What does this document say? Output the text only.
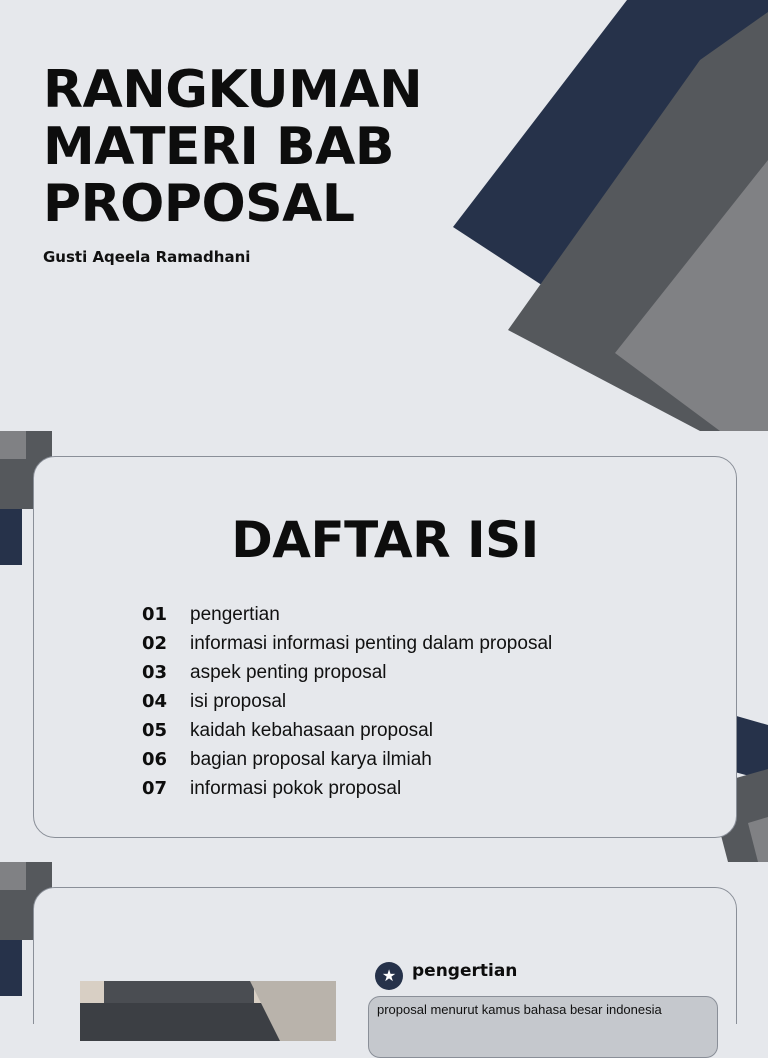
RANGKUMAN
MATERI BAB
PROPOSAL
Gusti Aqeela Ramadhani
DAFTAR ISI
01	pengertian
02	informasi informasi penting dalam proposal
03	aspek penting proposal
04	isi proposal
05	kaidah kebahasaan proposal
06	bagian proposal karya ilmiah
07	informasi pokok proposal
★ pengertian

proposal menurut kamus bahasa besar indonesia
